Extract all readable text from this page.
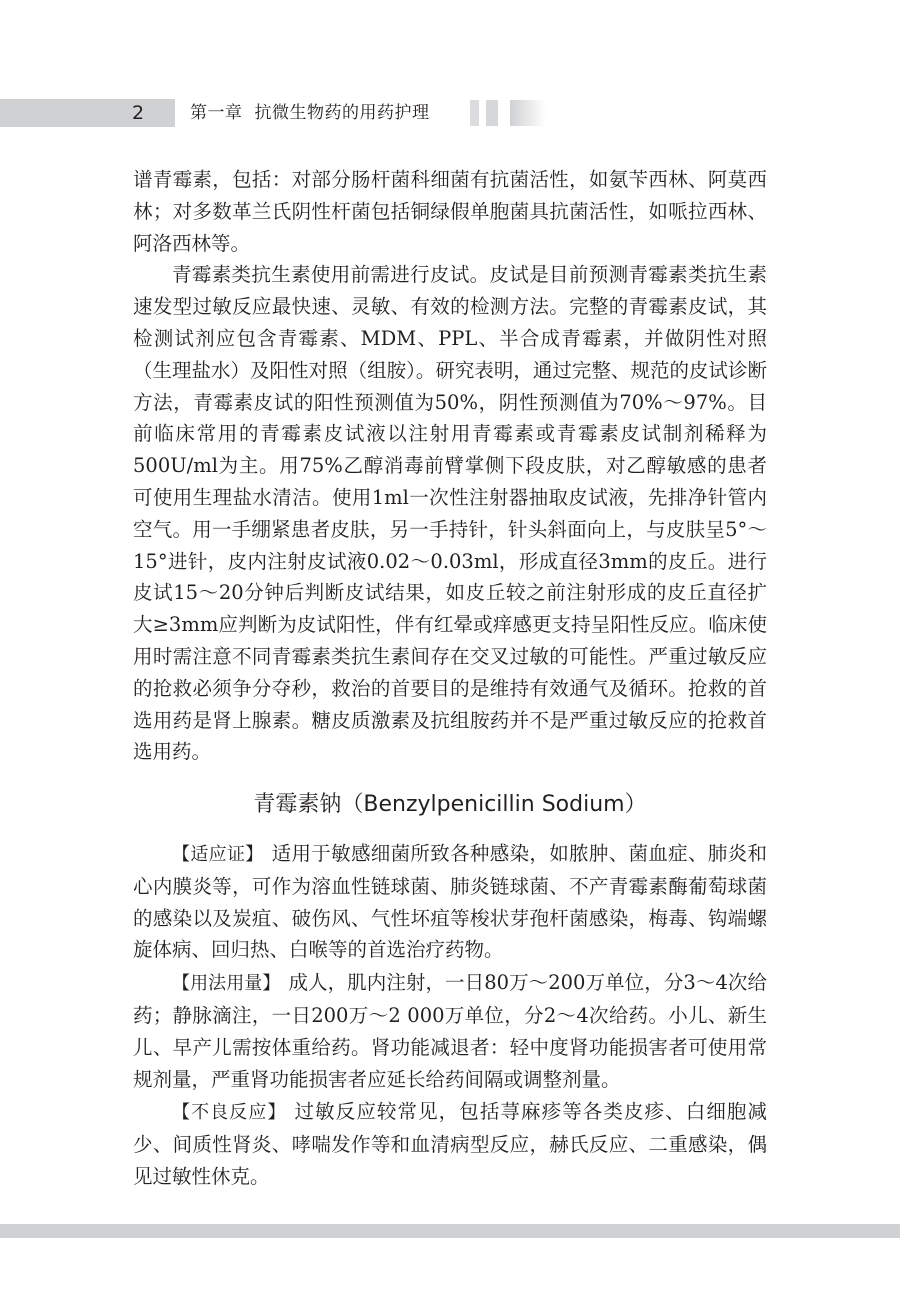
2	第一章 抗微生物药的用药护理

谱青霉素，包括：对部分肠杆菌科细菌有抗菌活性，如氨苄西林、阿莫西林；对多数革兰氏阴性杆菌包括铜绿假单胞菌具抗菌活性，如哌拉西林、阿洛西林等。

青霉素类抗生素使用前需进行皮试。皮试是目前预测青霉素类抗生素速发型过敏反应最快速、灵敏、有效的检测方法。完整的青霉素皮试，其检测试剂应包含青霉素、MDM、PPL、半合成青霉素，并做阴性对照（生理盐水）及阳性对照（组胺）。研究表明，通过完整、规范的皮试诊断方法，青霉素皮试的阳性预测值为50%，阴性预测值为70%～97%。目前临床常用的青霉素皮试液以注射用青霉素或青霉素皮试制剂稀释为500U/ml为主。用75%乙醇消毒前臂掌侧下段皮肤，对乙醇敏感的患者可使用生理盐水清洁。使用1ml一次性注射器抽取皮试液，先排净针管内空气。用一手绷紧患者皮肤，另一手持针，针头斜面向上，与皮肤呈5°～15°进针，皮内注射皮试液0.02～0.03ml，形成直径3mm的皮丘。进行皮试15～20分钟后判断皮试结果，如皮丘较之前注射形成的皮丘直径扩大≥3mm应判断为皮试阳性，伴有红晕或痒感更支持呈阳性反应。临床使用时需注意不同青霉素类抗生素间存在交叉过敏的可能性。严重过敏反应的抢救必须争分夺秒，救治的首要目的是维持有效通气及循环。抢救的首选用药是肾上腺素。糖皮质激素及抗组胺药并不是严重过敏反应的抢救首选用药。

青霉素钠（Benzylpenicillin Sodium）

【适应证】 适用于敏感细菌所致各种感染，如脓肿、菌血症、肺炎和心内膜炎等，可作为溶血性链球菌、肺炎链球菌、不产青霉素酶葡萄球菌的感染以及炭疽、破伤风、气性坏疽等梭状芽孢杆菌感染，梅毒、钩端螺旋体病、回归热、白喉等的首选治疗药物。

【用法用量】 成人，肌内注射，一日80万～200万单位，分3～4次给药；静脉滴注，一日200万～2 000万单位，分2～4次给药。小儿、新生儿、早产儿需按体重给药。肾功能减退者：轻中度肾功能损害者可使用常规剂量，严重肾功能损害者应延长给药间隔或调整剂量。

【不良反应】 过敏反应较常见，包括荨麻疹等各类皮疹、白细胞减少、间质性肾炎、哮喘发作等和血清病型反应，赫氏反应、二重感染，偶见过敏性休克。
